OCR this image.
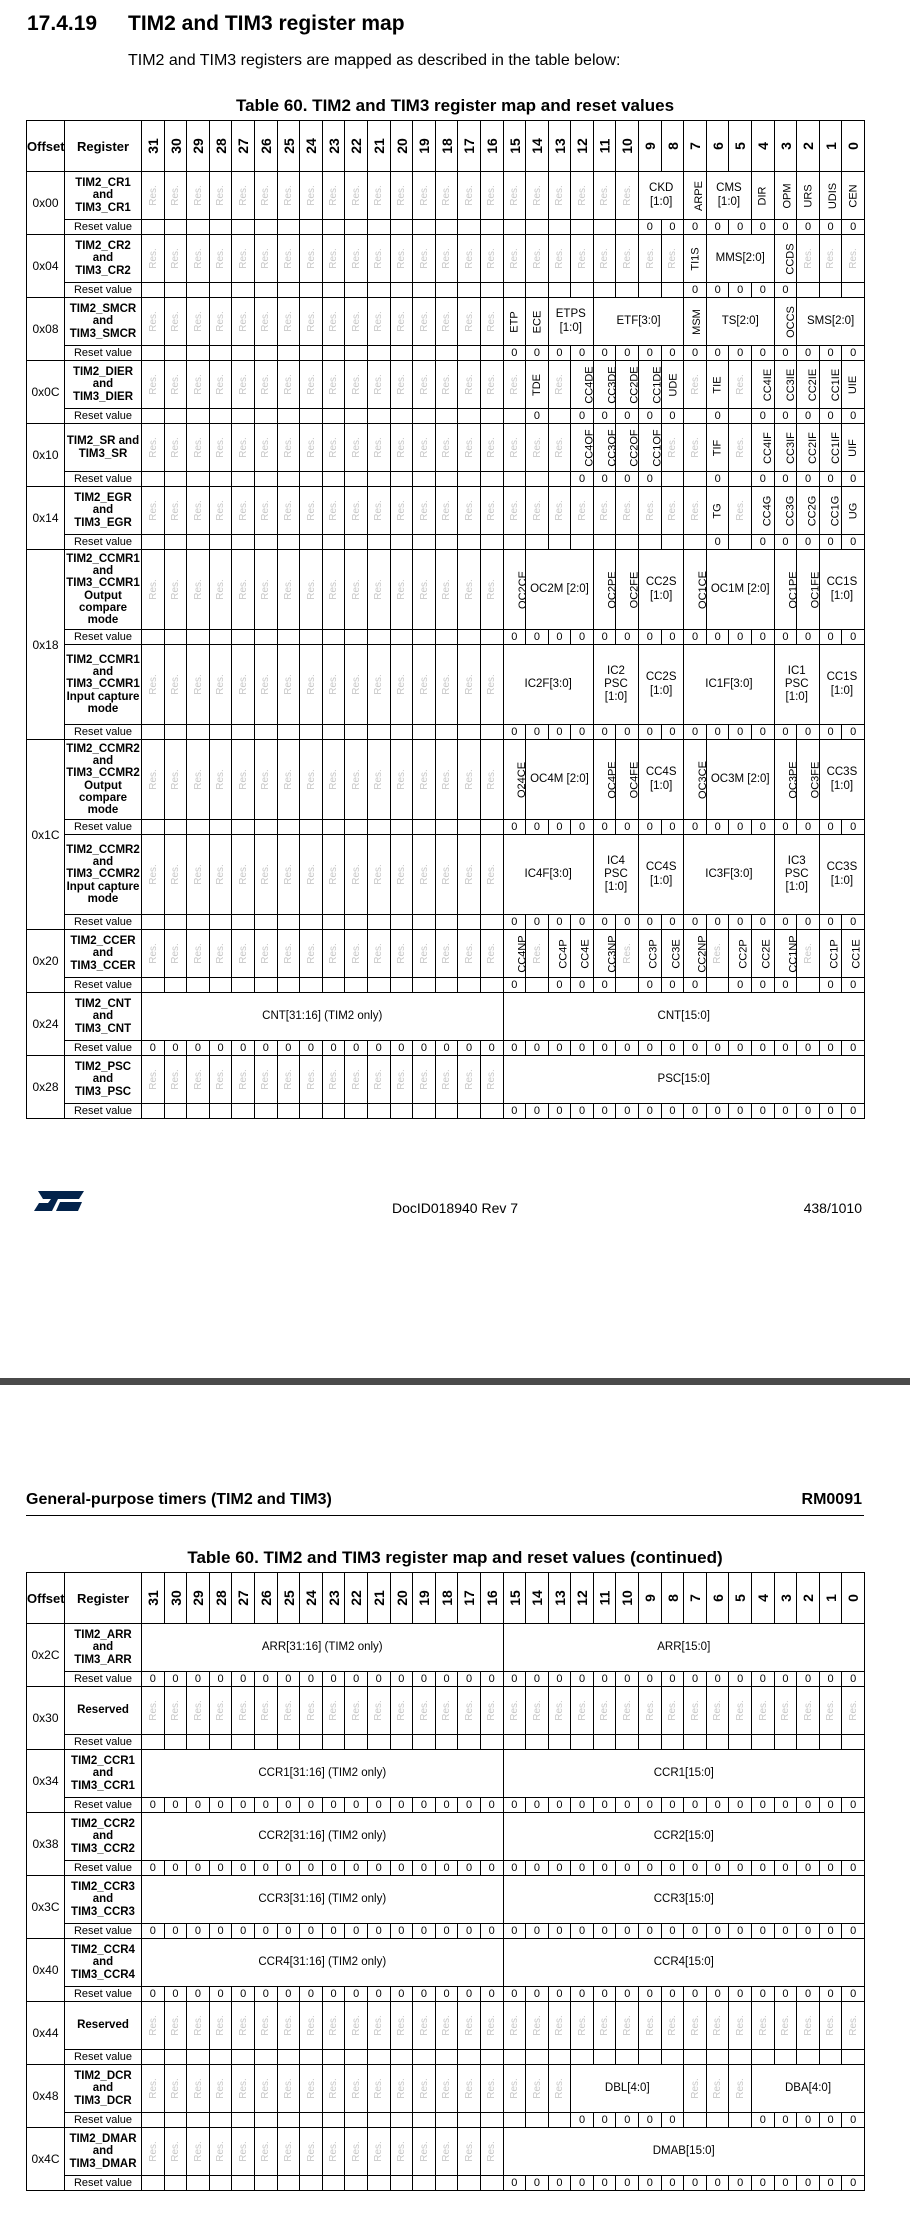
17.4.19 TIM2 and TIM3 register map
TIM2 and TIM3 registers are mapped as described in the table below:
Table 60. TIM2 and TIM3 register map and reset values
Offset	Register	31	30	29	28	27	26	25	24	23	22	21	20	19	18	17	16	15	14	13	12	11	10	9	8	7	6	5	4	3	2	1	0
0x00	TIM2_CR1 and TIM3_CR1	Res.	Res.	Res.	Res.	Res.	Res.	Res.	Res.	Res.	Res.	Res.	Res.	Res.	Res.	Res.	Res.	Res.	Res.	Res.	Res.	Res.	Res.	CKD [1:0]		ARPE	CMS [1:0]		DIR	OPM	URS	UDIS	CEN
	Reset value																							0	0	0	0	0	0	0	0	0	0
0x04	TIM2_CR2 and TIM3_CR2	Res.	Res.	Res.	Res.	Res.	Res.	Res.	Res.	Res.	Res.	Res.	Res.	Res.	Res.	Res.	Res.	Res.	Res.	Res.	Res.	Res.	Res.	Res.	Res.	TI1S	MMS[2:0]			CCDS	Res.	Res.	Res.
	Reset value																									0	0	0	0	0			
0x08	TIM2_SMCR and TIM3_SMCR	Res.	Res.	Res.	Res.	Res.	Res.	Res.	Res.	Res.	Res.	Res.	Res.	Res.	Res.	Res.	Res.	ETP	ECE	ETPS [1:0]		ETF[3:0]				MSM	TS[2:0]			OCCS	SMS[2:0]		
	Reset value																	0	0	0	0	0	0	0	0	0	0	0	0	0	0	0	0
0x0C	TIM2_DIER and TIM3_DIER	Res.	Res.	Res.	Res.	Res.	Res.	Res.	Res.	Res.	Res.	Res.	Res.	Res.	Res.	Res.	Res.	Res.	TDE	Res.	CC4DE	CC3DE	CC2DE	CC1DE	UDE	Res.	TIE	Res.	CC4IE	CC3IE	CC2IE	CC1IE	UIE
	Reset value																		0		0	0	0	0	0		0		0	0	0	0	0
0x10	TIM2_SR and TIM3_SR	Res.	Res.	Res.	Res.	Res.	Res.	Res.	Res.	Res.	Res.	Res.	Res.	Res.	Res.	Res.	Res.	Res.	Res.	Res.	CC4OF	CC3OF	CC2OF	CC1OF	Res.	Res.	TIF	Res.	CC4IF	CC3IF	CC2IF	CC1IF	UIF
	Reset value																				0	0	0	0			0		0	0	0	0	0
0x14	TIM2_EGR and TIM3_EGR	Res.	Res.	Res.	Res.	Res.	Res.	Res.	Res.	Res.	Res.	Res.	Res.	Res.	Res.	Res.	Res.	Res.	Res.	Res.	Res.	Res.	Res.	Res.	Res.	Res.	TG	Res.	CC4G	CC3G	CC2G	CC1G	UG
	Reset value																										0		0	0	0	0	0
0x18	TIM2_CCMR1 and TIM3_CCMR1 Output compare mode	Res.	Res.	Res.	Res.	Res.	Res.	Res.	Res.	Res.	Res.	Res.	Res.	Res.	Res.	Res.	Res.	OC2CE	OC2M [2:0]			OC2PE	OC2FE	CC2S [1:0]		OC1CE	OC1M [2:0]			OC1PE	OC1FE	CC1S [1:0]	
	Reset value																	0	0	0	0	0	0	0	0	0	0	0	0	0	0	0	0
	TIM2_CCMR1 and TIM3_CCMR1 Input capture mode	Res.	Res.	Res.	Res.	Res.	Res.	Res.	Res.	Res.	Res.	Res.	Res.	Res.	Res.	Res.	Res.	IC2F[3:0]				IC2 PSC [1:0]		CC2S [1:0]		IC1F[3:0]				IC1 PSC [1:0]		CC1S [1:0]	
	Reset value																	0	0	0	0	0	0	0	0	0	0	0	0	0	0	0	0
0x1C	TIM2_CCMR2 and TIM3_CCMR2 Output compare mode	Res.	Res.	Res.	Res.	Res.	Res.	Res.	Res.	Res.	Res.	Res.	Res.	Res.	Res.	Res.	Res.	O24CE	OC4M [2:0]			OC4PE	OC4FE	CC4S [1:0]		OC3CE	OC3M [2:0]			OC3PE	OC3FE	CC3S [1:0]	
	Reset value																	0	0	0	0	0	0	0	0	0	0	0	0	0	0	0	0
	TIM2_CCMR2 and TIM3_CCMR2 Input capture mode	Res.	Res.	Res.	Res.	Res.	Res.	Res.	Res.	Res.	Res.	Res.	Res.	Res.	Res.	Res.	Res.	IC4F[3:0]				IC4 PSC [1:0]		CC4S [1:0]		IC3F[3:0]				IC3 PSC [1:0]		CC3S [1:0]	
	Reset value																	0	0	0	0	0	0	0	0	0	0	0	0	0	0	0	0
0x20	TIM2_CCER and TIM3_CCER	Res.	Res.	Res.	Res.	Res.	Res.	Res.	Res.	Res.	Res.	Res.	Res.	Res.	Res.	Res.	Res.	CC4NP	Res.	CC4P	CC4E	CC3NP	Res.	CC3P	CC3E	CC2NP	Res.	CC2P	CC2E	CC1NP	Res.	CC1P	CC1E
	Reset value																	0		0	0	0		0	0	0		0	0	0		0	0
0x24	TIM2_CNT and TIM3_CNT	CNT[31:16] (TIM2 only)																CNT[15:0]															
	Reset value	0	0	0	0	0	0	0	0	0	0	0	0	0	0	0	0	0	0	0	0	0	0	0	0	0	0	0	0	0	0	0	0
0x28	TIM2_PSC and TIM3_PSC	Res.	Res.	Res.	Res.	Res.	Res.	Res.	Res.	Res.	Res.	Res.	Res.	Res.	Res.	Res.	Res.	PSC[15:0]															
	Reset value																	0	0	0	0	0	0	0	0	0	0	0	0	0	0	0	0
DocID018940 Rev 7	438/1010
General-purpose timers (TIM2 and TIM3)	RM0091
Table 60. TIM2 and TIM3 register map and reset values (continued)
Offset	Register	31	30	29	28	27	26	25	24	23	22	21	20	19	18	17	16	15	14	13	12	11	10	9	8	7	6	5	4	3	2	1	0
0x2C	TIM2_ARR and TIM3_ARR	ARR[31:16] (TIM2 only)																ARR[15:0]															
	Reset value	0	0	0	0	0	0	0	0	0	0	0	0	0	0	0	0	0	0	0	0	0	0	0	0	0	0	0	0	0	0	0	0
0x30	Reserved	Res.	Res.	Res.	Res.	Res.	Res.	Res.	Res.	Res.	Res.	Res.	Res.	Res.	Res.	Res.	Res.	Res.	Res.	Res.	Res.	Res.	Res.	Res.	Res.	Res.	Res.	Res.	Res.	Res.	Res.	Res.	Res.
	Reset value																																
0x34	TIM2_CCR1 and TIM3_CCR1	CCR1[31:16] (TIM2 only)																CCR1[15:0]															
	Reset value	0	0	0	0	0	0	0	0	0	0	0	0	0	0	0	0	0	0	0	0	0	0	0	0	0	0	0	0	0	0	0	0
0x38	TIM2_CCR2 and TIM3_CCR2	CCR2[31:16] (TIM2 only)																CCR2[15:0]															
	Reset value	0	0	0	0	0	0	0	0	0	0	0	0	0	0	0	0	0	0	0	0	0	0	0	0	0	0	0	0	0	0	0	0
0x3C	TIM2_CCR3 and TIM3_CCR3	CCR3[31:16] (TIM2 only)																CCR3[15:0]															
	Reset value	0	0	0	0	0	0	0	0	0	0	0	0	0	0	0	0	0	0	0	0	0	0	0	0	0	0	0	0	0	0	0	0
0x40	TIM2_CCR4 and TIM3_CCR4	CCR4[31:16] (TIM2 only)																CCR4[15:0]															
	Reset value	0	0	0	0	0	0	0	0	0	0	0	0	0	0	0	0	0	0	0	0	0	0	0	0	0	0	0	0	0	0	0	0
0x44	Reserved	Res.	Res.	Res.	Res.	Res.	Res.	Res.	Res.	Res.	Res.	Res.	Res.	Res.	Res.	Res.	Res.	Res.	Res.	Res.	Res.	Res.	Res.	Res.	Res.	Res.	Res.	Res.	Res.	Res.	Res.	Res.	Res.
	Reset value																																
0x48	TIM2_DCR and TIM3_DCR	Res.	Res.	Res.	Res.	Res.	Res.	Res.	Res.	Res.	Res.	Res.	Res.	Res.	Res.	Res.	Res.	Res.	Res.	Res.	DBL[4:0]					Res.	Res.	Res.	DBA[4:0]				
	Reset value																				0	0	0	0	0				0	0	0	0	0
0x4C	TIM2_DMAR and TIM3_DMAR	Res.	Res.	Res.	Res.	Res.	Res.	Res.	Res.	Res.	Res.	Res.	Res.	Res.	Res.	Res.	Res.	DMAB[15:0]															
	Reset value																	0	0	0	0	0	0	0	0	0	0	0	0	0	0	0	0
